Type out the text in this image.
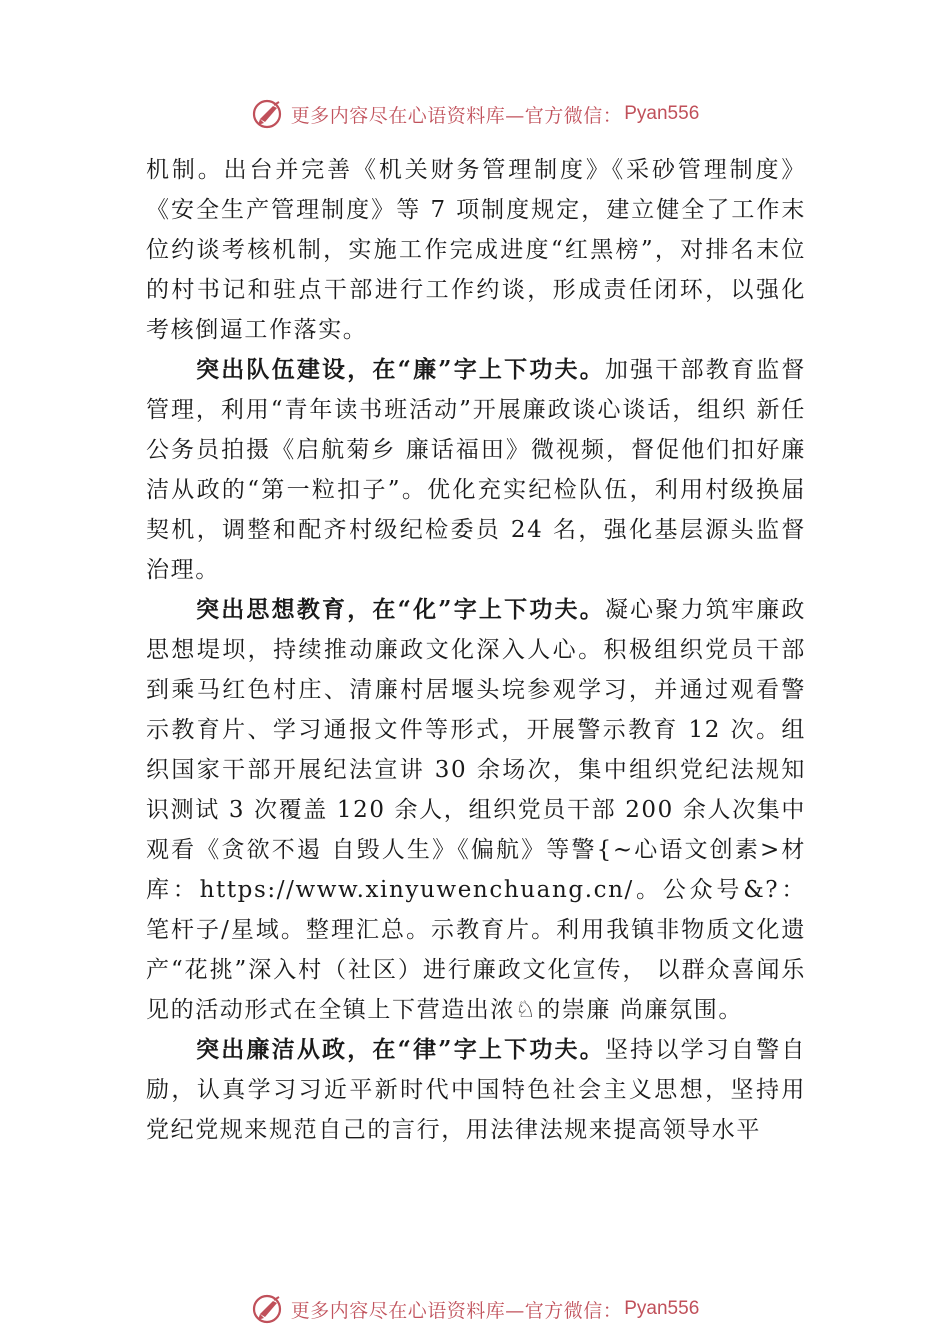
更多内容尽在心语资料库—官方微信： Pyan556

机制。出台并完善《机关财务管理制度》《采砂管理制度》《安全生产管理制度》等 7 项制度规定，建立健全了工作末位约谈考核机制，实施工作完成进度“红黑榜”，对排名末位的村书记和驻点干部进行工作约谈，形成责任闭环，以强化考核倒逼工作落实。

突出队伍建设，在“廉”字上下功夫。加强干部教育监督管理，利用“青年读书班活动”开展廉政谈心谈话，组织 新任公务员拍摄《启航菊乡 廉话福田》微视频，督促他们扣好廉洁从政的“第一粒扣子”。优化充实纪检队伍，利用村级换届契机，调整和配齐村级纪检委员 24 名，强化基层源头监督治理。

突出思想教育，在“化”字上下功夫。凝心聚力筑牢廉政思想堤坝，持续推动廉政文化深入人心。积极组织党员干部到乘马红色村庄、清廉村居堰头垸参观学习，并通过观看警示教育片、学习通报文件等形式，开展警示教育 12 次。组织国家干部开展纪法宣讲 30 余场次，集中组织党纪法规知识测试 3 次覆盖 120 余人，组织党员干部 200 余人次集中观看《贪欲不遏 自毁人生》《偏航》等警{~心语文创素>材库：https://www.xinyuwenchuang.cn/。公众号&?：笔杆子/星域。整理汇总。示教育片。利用我镇非物质文化遗产“花挑”深入村（社区）进行廉政文化宣传， 以群众喜闻乐见的活动形式在全镇上下营造出浓♘的崇廉 尚廉氛围。

突出廉洁从政，在“律”字上下功夫。坚持以学习自警自励，认真学习习近平新时代中国特色社会主义思想，坚持用党纪党规来规范自己的言行，用法律法规来提高领导水平

更多内容尽在心语资料库—官方微信： Pyan556
